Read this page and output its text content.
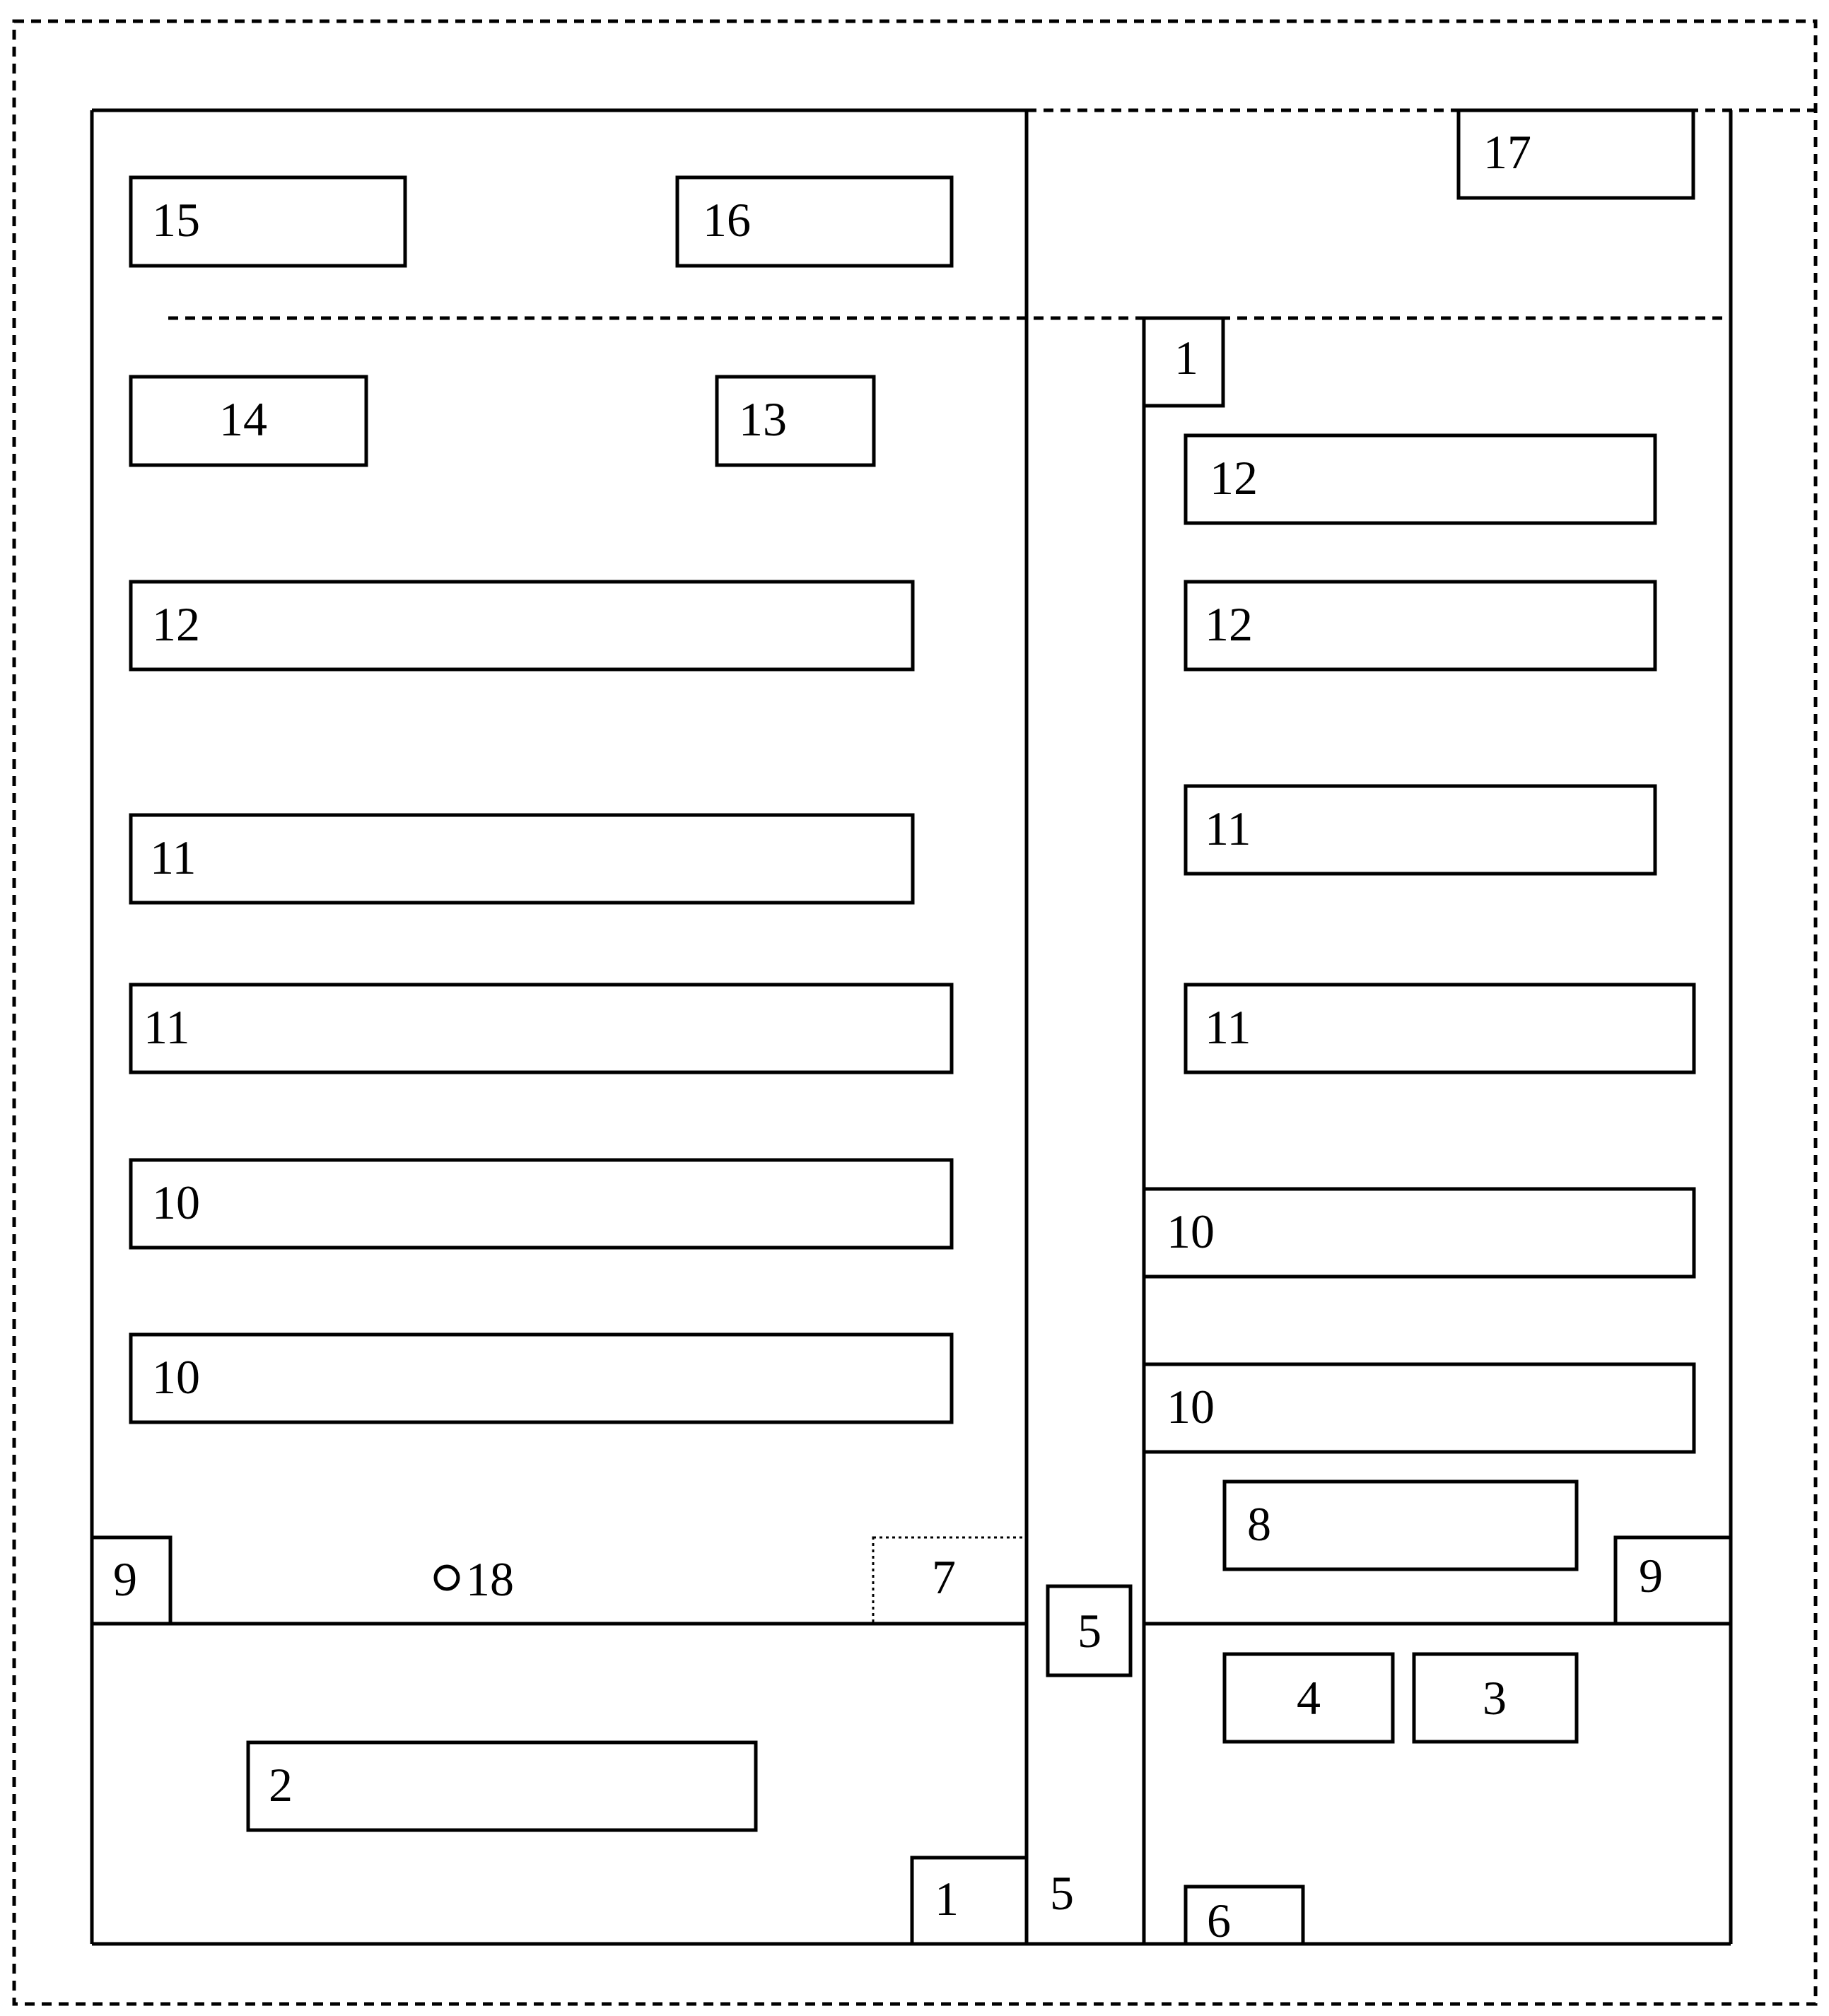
15	16
17
14	13
12
11
11
10
10
9	18	7
2
1
5
5
1
12
12
11
11
10
10
8
9
4	3
6
